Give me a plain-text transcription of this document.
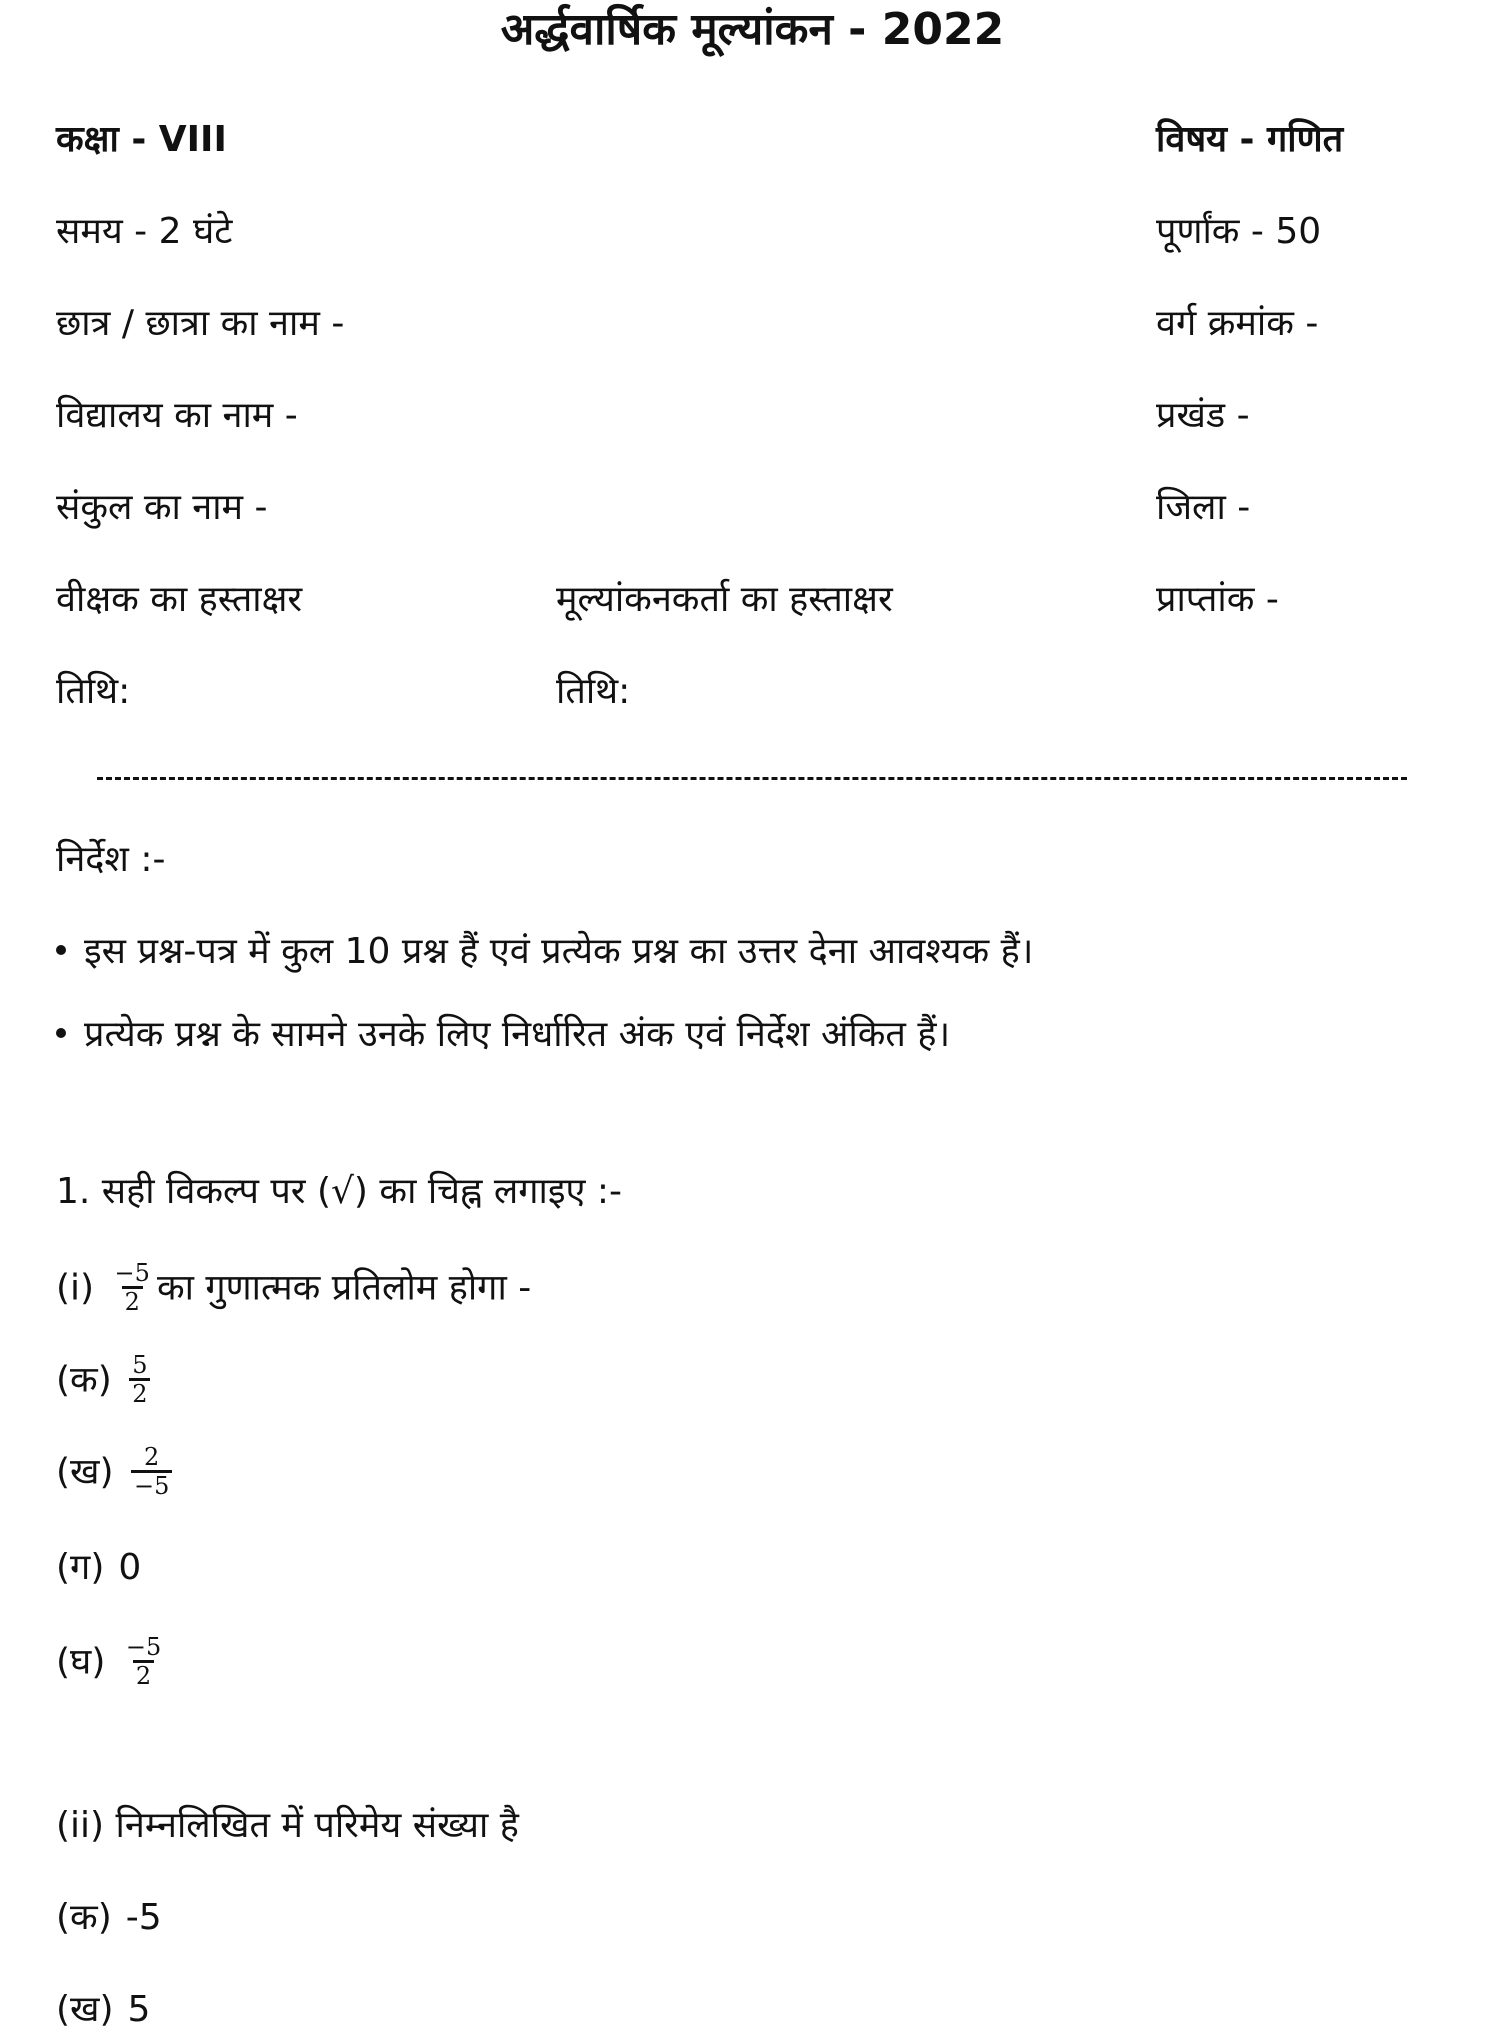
अर्द्धवार्षिक मूल्यांकन - 2022
कक्षा - VIII	विषय - गणित
समय - 2 घंटे	पूर्णांक - 50
छात्र / छात्रा का नाम -	वर्ग क्रमांक -
विद्यालय का नाम -	प्रखंड -
संकुल का नाम -	जिला -
वीक्षक का हस्ताक्षर	मूल्यांकनकर्ता का हस्ताक्षर	प्राप्तांक -
तिथि:	तिथि:
निर्देश :-
इस प्रश्न-पत्र में कुल 10 प्रश्न हैं एवं प्रत्येक प्रश्न का उत्तर देना आवश्यक हैं।
प्रत्येक प्रश्न के सामने उनके लिए निर्धारित अंक एवं निर्देश अंकित हैं।
1. सही विकल्प पर (√) का चिह्न लगाइए :-
$(i) \frac{-5}{2}$ का गुणात्मक प्रतिलोम होगा -
(क) $\frac{5}{2}$
(ख) $\frac{2}{-5}$
(ग) 0
(घ) $\frac{-5}{2}$
(ii) निम्नलिखित में परिमेय संख्या है
(क) -5
(ख) 5
